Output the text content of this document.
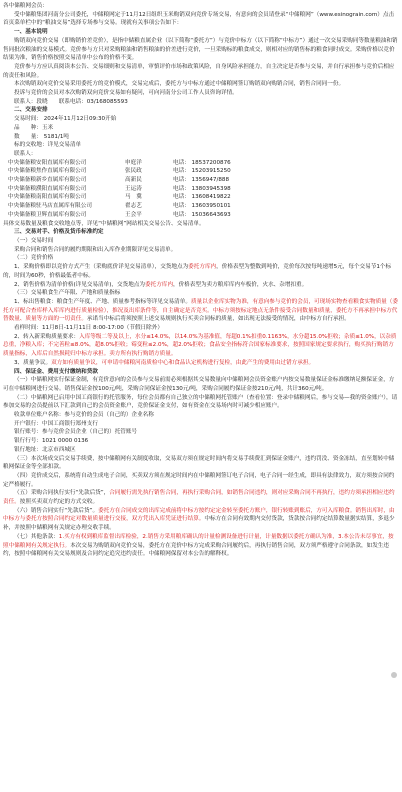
各中储粮网会员：

受中储粮集团河南分公司委托，中储粮网定于11月12日组织玉米购销双向竞价专场交易，有意向的会员请登录“中储粮网”（www.esinograin.com）点击首页菜单栏中的“粮油交易”选择专场参与交易。现就有关事项公告如下：

一、基本说明

购销双向竞价交易（即购销价差竞价），是指中储粮直属企业（以下简称“委托方”）与竞价中标方（以下简称“中标方”）通过一次交易采购同等数量粮油和销售同批次粮油的交易模式。竞价参与方只对采购粮油和销售粮油的价差进行竞价，一旦采购标的粮食成交，则相对应的销售标的粮食同时成交。采购价格以竞价结果为准，销售价格按照交易清单中公布的价格不变。

竞价参与方应认真阅读本公告、交易细则和交易清单，审慎评价市场和政策风险，自身风险承担能力，自主决定是否参与交易，并自行承担参与竞价后相应的责任和风险。

本次购销双向竞价交易采用委托方的竞价模式，交易完成后，委托方与中标方通过中储粮网签订购销双向购销合同，销售合同同一份。

投诉与竞价的会员对本次购销双向竞价交易如有疑问，可向河南分公司工作人员咨询详情。

联系人：段晓　　联系电话：03/168085593

二、交易安排

交易时间： 2024年11月12日09:30开始

品　　种：玉米

数　　量： 5181/1吨

标的交收地：详见交易清单

联系人：

中央储备粮安阳直属库有限公司	申庭洋	电话： 18537200876
中央储备粮焦作直属库有限公司	张民政	电话： 15203915250
中央储备粮新乡直属库有限公司	高新民	电话： 1356947/888
中央储备粮濮阳直属库有限公司	王运涛	电话： 13803945398
中央储备粮南阳直属库有限公司	马　冀	电话： 13608419822
中央储备粮驻马店直属库有限公司	翟志艺	电话： 13603950101
中央储备粮卫辉直属库有限公司	王会平	电话： 15036643693

具体交易数量及粮食交收地点等，详见“中储粮网”网站相关交易公告、交易清单。

三、交易对手、价格及货币标准约定

（一）交易时间

采购合同和销售合同的履约期限和出入库作业期限详见交易清单。

（二）竞价价格

1、采购价格即以竞价方式产生（采购底价详见交易清单），交货地点为委托方库内，价格表型为整数到吨价，竞价每次按每吨递增5元，每个交易节1个标的，时间为60秒，价格最低者中标。

2、销售价格为清单价格(详见交易清单)，交货地点为委托方库内，价格表型为卖方粮库库内车板价，火水、杂增扣重。

（三）交易粮食生产年限、产地和质量指标

1、标出售粮食：粮食生产年度、产地、质量参考指标等详见交易清单。质量以企业库实物为准，有意向参与竞价的会员，可现场实物查看粮食实物质量（委托方可配合查库样入库库内进行质量检验），推况及出库条件等，自主确定是否竞买。中标方须按标定地点无条件接受合同数量和质量，委托方不再承担中标方代替数量、质量等方面的一切责任。承诺当中标后将须按照上述交易规则执行买卖合同标的质量，如出现无法接受的情况，由中标方自行承担。

看样时间：11月8日-11月11日 8:00-17:00（节假日除外）

2、转入新采购质量要求：入库等级二等及以上，水分≤14.0%，以14.0%为基准值，每超0.1%扣重0.1163%，水分超15.0%拒收；杂质≤1.0%，以杂质总重，净粮入库；不完善粒≤8.0%，超8.0%拒收；霉变粒≤2.0%，超2.0%拒收；食品安全指标符合国家标准要求，按照国家规定要求执行，购买执行购销方质量指标，入库后自然损耗归中标方承担。卖方所有执行购销方质量。

3、质量争议。双方如有质量争议，可申请中储粮河南质检中心和食品认定机构进行复检，由此产生的费用由过错方承担。

四、保证金、费用支付缴纳和贷款

（一）中储粮网实行保证金制，有竞价意向的会员参与交易前需必须根据其交易数量向中储粮网会员资金账户内按交易数量保证金标准缴纳足额保证金，方可在中储粮网进行交易。销售保证金按100元/吨，采购合同保证金按130元/吨，采购合同履约保证金按210元/吨，共计360元/吨。

（二）中储粮网已启用中国工商银行的托管服务，每位会员都有自己独立的中储粮网托管账户（查看位置：登录中储粮网后，参与交易—我的资金账户），请参加交易的会员提前以下汇款到自己的会员资金账户，竞价保证金支付，如有资金在交易场内时可减少相应账户。

收款单位账户名称：参与竞价的会员（自己的）企业名称

开户银行：中国工商银行郑州支行

银行账号：参与竞价会员企业（自己的）托管账号

银行行号：1021 0000 0136

银行地址：北京市西城区

（三）本次场成交后交易手续费，按中储粮网有关制度收取，交易双方须在规定时间内将交易手续费汇到保证金账户，违约罚没、资金冻结，直至划转中储粮网保证金等全部扣款。

（四）竞价成交后，系统将自动生成电子合同，买卖双方须在规定时间内在中储粮网签订电子合同，电子合同一经生成，即具有法律效力，双方须按合同约定严格履行。

（五）采购合同执行实行“先款后货”，合同履行需先执行销售合同，再执行采购合同，如销售合同违约，则对应采购合同不再执行，违约方须承担相应违约责任。按照买卖双方约定的方式交收。

（六）销售合同实行“先款后货”。委托方在合同成交的出库完成前将中标方按约定定金转至委托方账户，银行转账到账后，方可入库粮食。销售出库时，由中标方与委托方按照合同约定对数量质量进行交接，双方凭出入库凭证进行结算。中标方在合同有效期内交付货款，货款按合同约定结算数量据实结算，多退少补，并按照中储粮网有关规定办理交收手续。

（七）其他条款：1.买方有权到粮库监督出库检验，2.销售方采用粮库确认的计量检测设备进行计量，计量数据以委托方确认为准，3.本公告未尽事宜，按照中储粮网有关规定执行。本次交易为购销双向竞价交易，委托方在竞价中标方完成采购合同履约后，再执行销售合同，双方须严格遵守合同条款，如发生违约，按照中储粮网有关交易规则及合同约定追究违约责任。中储粮网保留对本公告的解释权。
